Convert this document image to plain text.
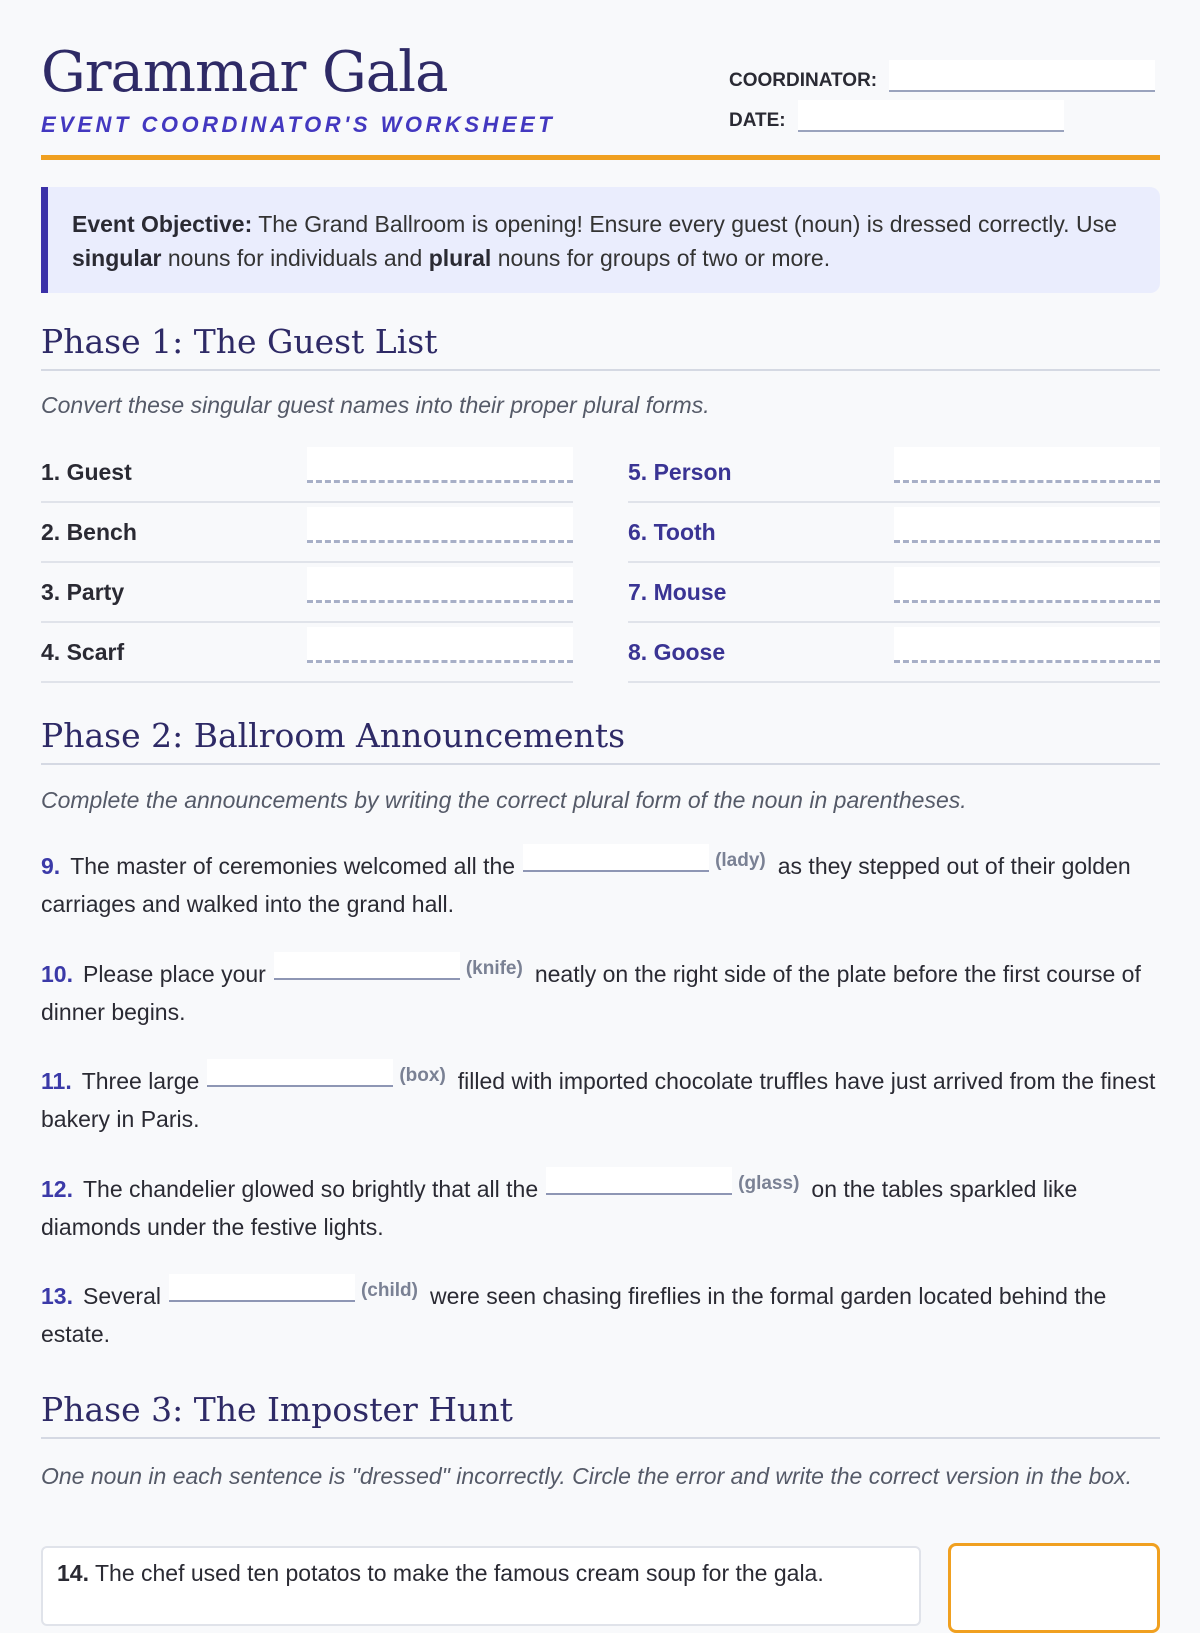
Grammar Gala
EVENT COORDINATOR'S WORKSHEET
COORDINATOR:
DATE:
Event Objective: The Grand Ballroom is opening! Ensure every guest (noun) is dressed correctly. Use singular nouns for individuals and plural nouns for groups of two or more.
Phase 1: The Guest List
Convert these singular guest names into their proper plural forms.
1. Guest
2. Bench
3. Party
4. Scarf
5. Person
6. Tooth
7. Mouse
8. Goose
Phase 2: Ballroom Announcements
Complete the announcements by writing the correct plural form of the noun in parentheses.
9. The master of ceremonies welcomed all the	$^{(lady)}$ as they stepped out of their golden carriages and walked into the grand hall.
10. Please place your	$^{(knife)}$ neatly on the right side of the plate before the first course of dinner begins.
11. Three large	$^{(box)}$ filled with imported chocolate truffles have just arrived from the finest bakery in Paris.
12. The chandelier glowed so brightly that all the	$^{(glass)}$ on the tables sparkled like diamonds under the festive lights.
13. Several	$^{(child)}$ were seen chasing fireflies in the formal garden located behind the estate.
Phase 3: The Imposter Hunt
One noun in each sentence is "dressed" incorrectly. Circle the error and write the correct version in the box.
14. The chef used ten potatos to make the famous cream soup for the gala.
